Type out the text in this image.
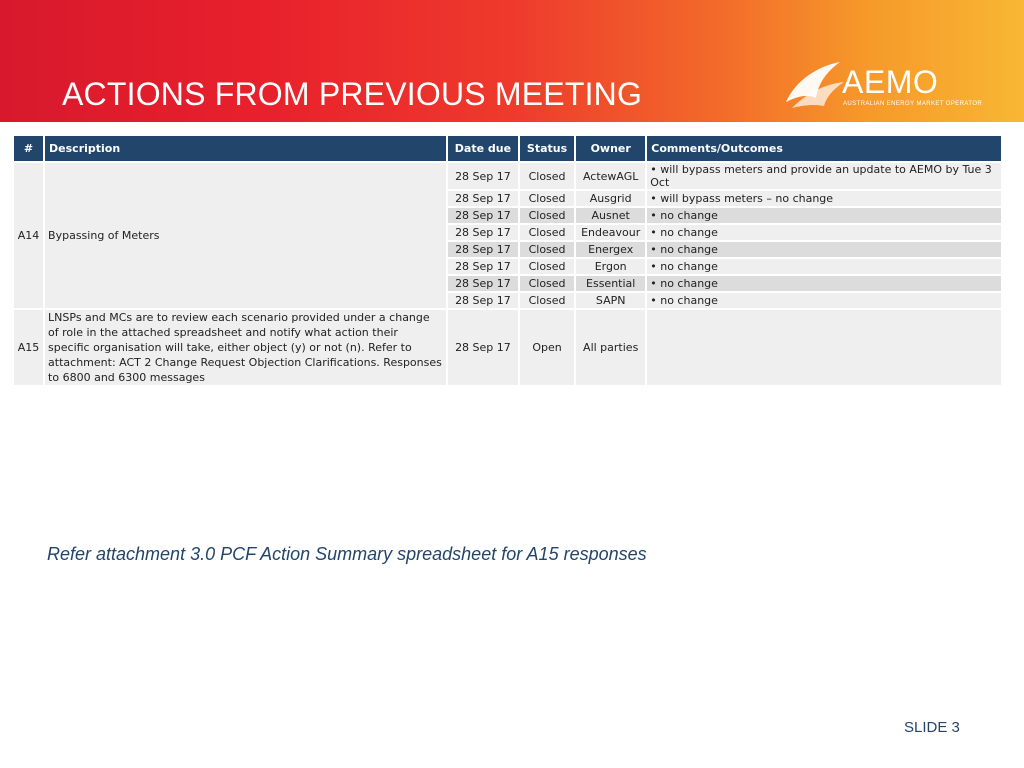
ACTIONS FROM PREVIOUS MEETING	AEMO
AUSTRALIAN ENERGY MARKET OPERATOR
#	Description	Date due	Status	Owner	Comments/Outcomes
A14	Bypassing of Meters	28 Sep 17	Closed	ActewAGL	• will bypass meters and provide an update to AEMO by Tue 3 Oct
		28 Sep 17	Closed	Ausgrid	• will bypass meters – no change
		28 Sep 17	Closed	Ausnet	• no change
		28 Sep 17	Closed	Endeavour	• no change
		28 Sep 17	Closed	Energex	• no change
		28 Sep 17	Closed	Ergon	• no change
		28 Sep 17	Closed	Essential	• no change
		28 Sep 17	Closed	SAPN	• no change
A15	LNSPs and MCs are to review each scenario provided under a change of role in the attached spreadsheet and notify what action their specific organisation will take, either object (y) or not (n). Refer to attachment: ACT 2 Change Request Objection Clarifications. Responses to 6800 and 6300 messages	28 Sep 17	Open	All parties	
Refer attachment 3.0 PCF Action Summary spreadsheet for A15 responses
SLIDE 3
